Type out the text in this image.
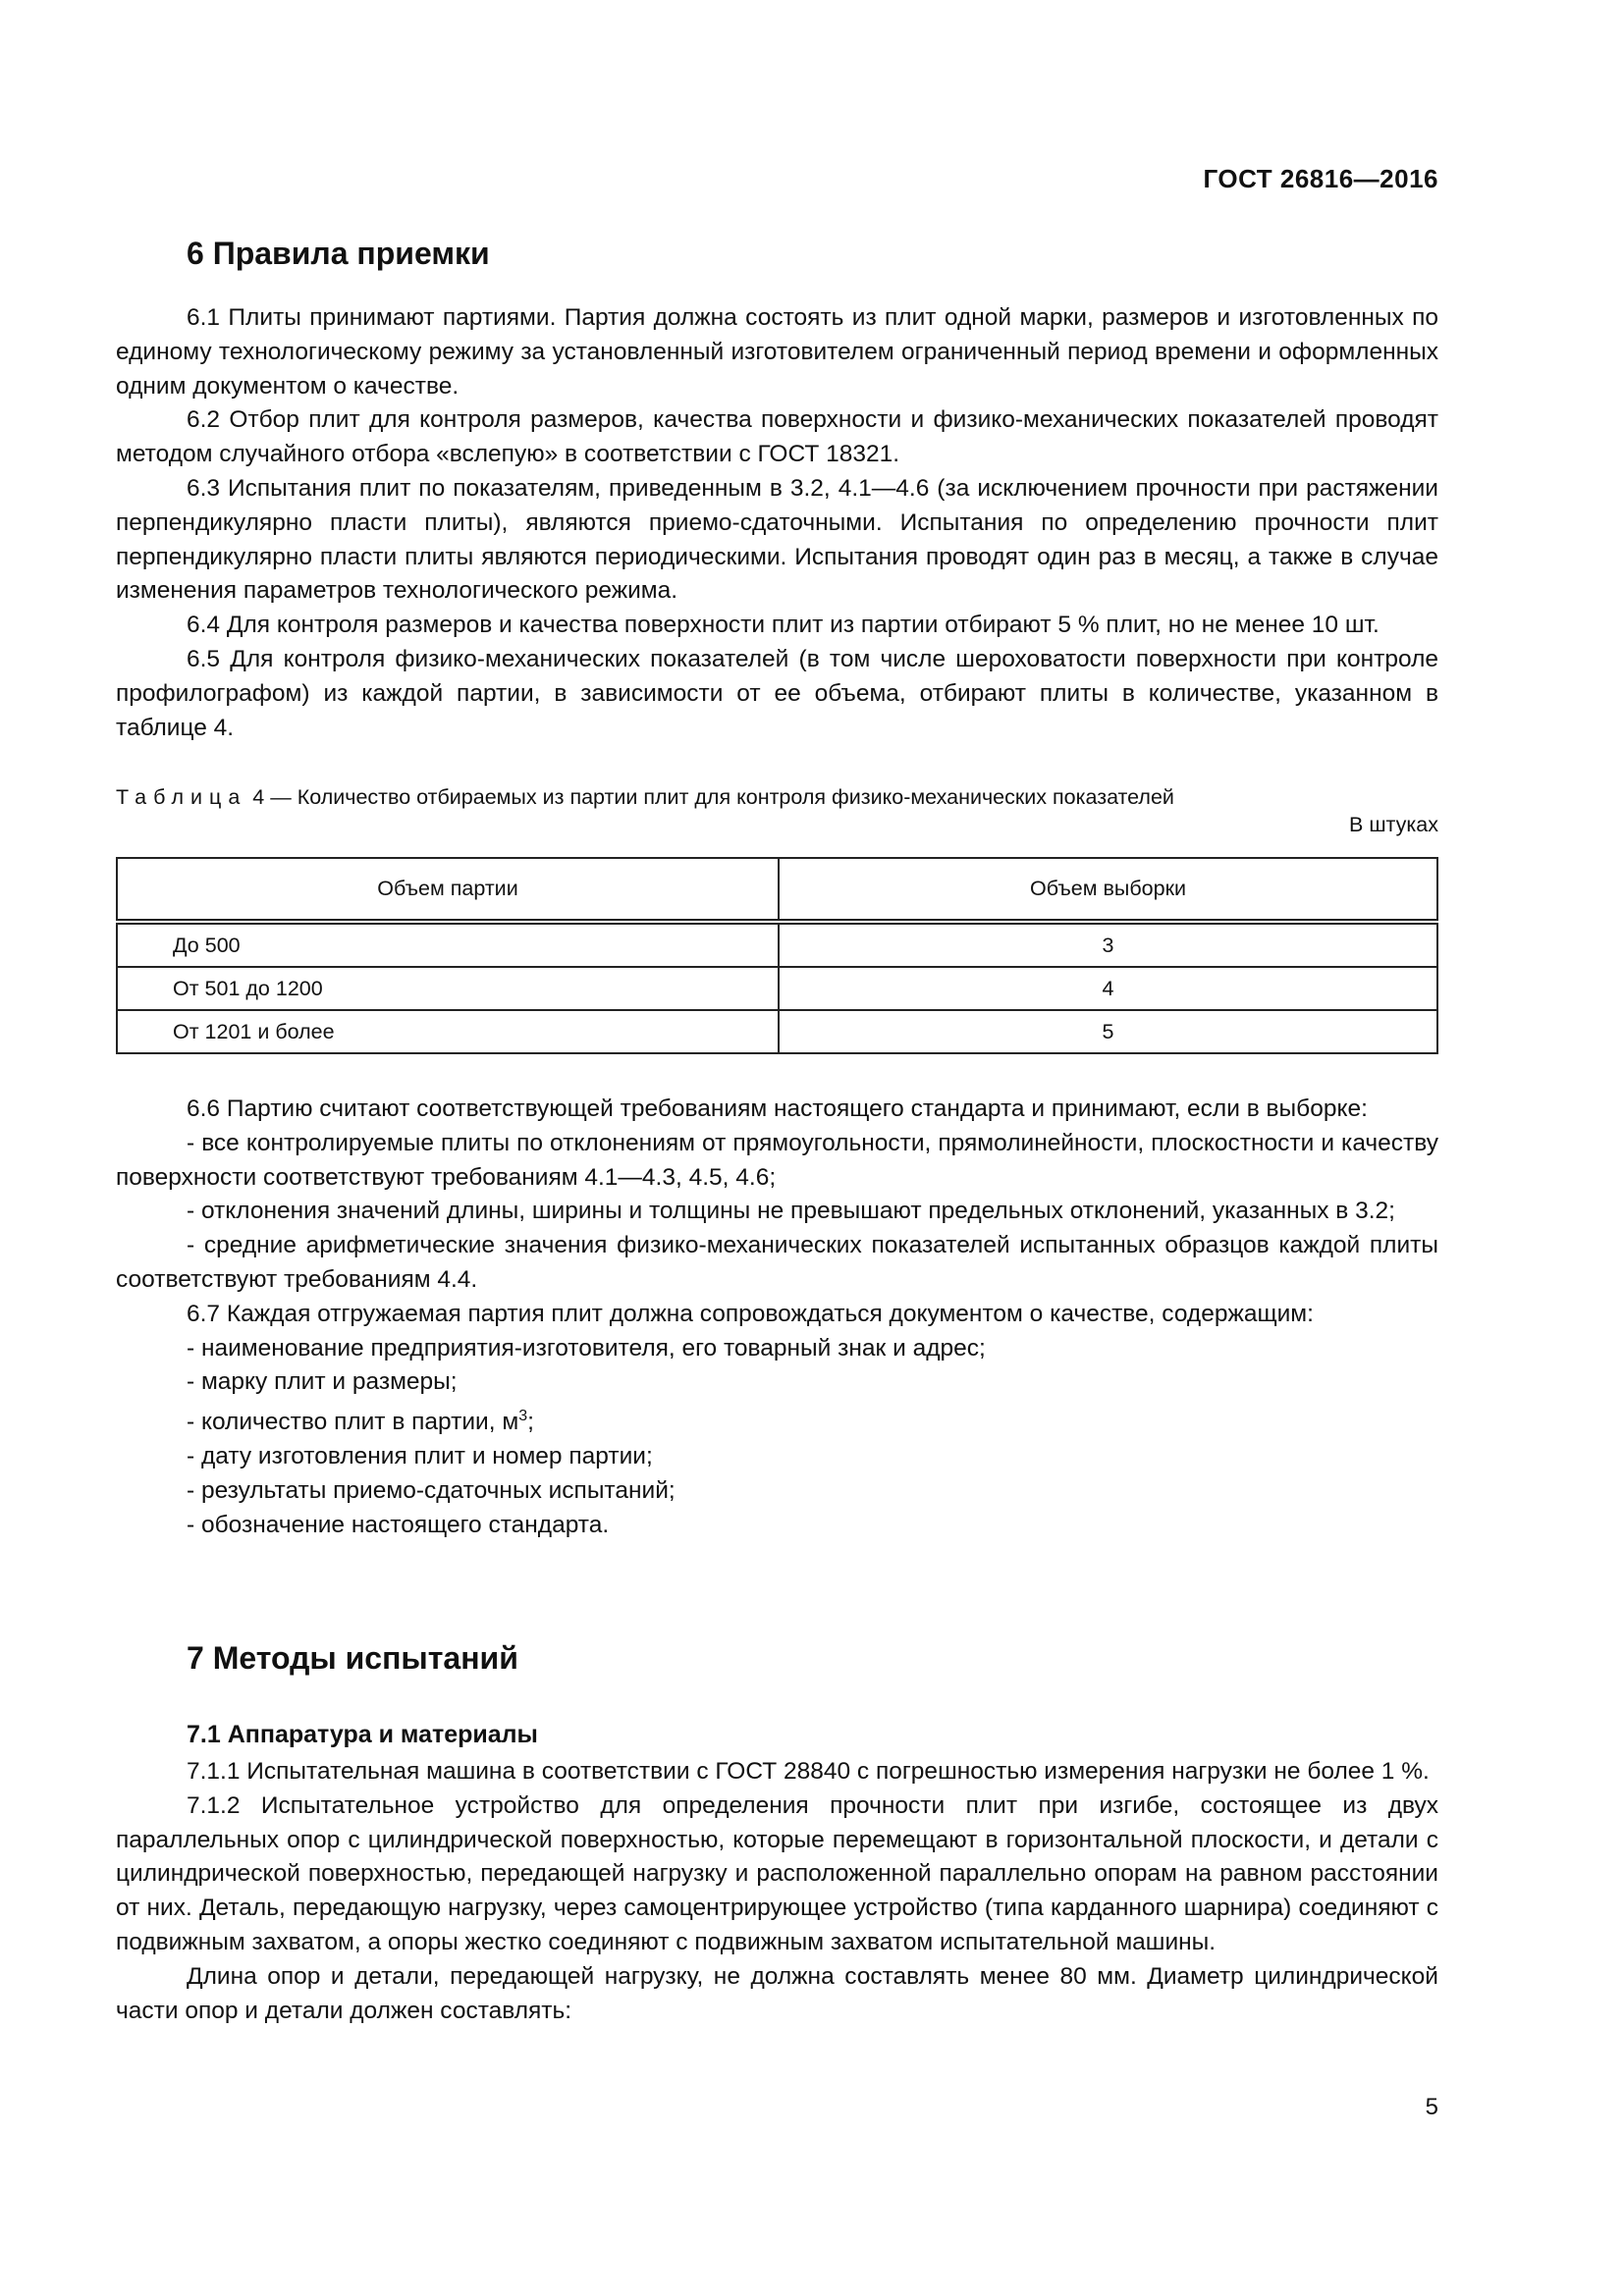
ГОСТ 26816—2016
6 Правила приемки

6.1 Плиты принимают партиями. Партия должна состоять из плит одной марки, размеров и изготовленных по единому технологическому режиму за установленный изготовителем ограниченный период времени и оформленных одним документом о качестве.

6.2 Отбор плит для контроля размеров, качества поверхности и физико-механических показателей проводят методом случайного отбора «вслепую» в соответствии с ГОСТ 18321.

6.3 Испытания плит по показателям, приведенным в 3.2, 4.1—4.6 (за исключением прочности при растяжении перпендикулярно пласти плиты), являются приемо-сдаточными. Испытания по определению прочности плит перпендикулярно пласти плиты являются периодическими. Испытания проводят один раз в месяц, а также в случае изменения параметров технологического режима.

6.4 Для контроля размеров и качества поверхности плит из партии отбирают 5 % плит, но не менее 10 шт.

6.5 Для контроля физико-механических показателей (в том числе шероховатости поверхности при контроле профилографом) из каждой партии, в зависимости от ее объема, отбирают плиты в количестве, указанном в таблице 4.

Таблица 4 — Количество отбираемых из партии плит для контроля физико-механических показателей
В штуках
Объем партии	Объем выборки
До 500	3
От 501 до 1200	4
От 1201 и более	5

6.6 Партию считают соответствующей требованиям настоящего стандарта и принимают, если в выборке:

- все контролируемые плиты по отклонениям от прямоугольности, прямолинейности, плоскостности и качеству поверхности соответствуют требованиям 4.1—4.3, 4.5, 4.6;

- отклонения значений длины, ширины и толщины не превышают предельных отклонений, указанных в 3.2;

- средние арифметические значения физико-механических показателей испытанных образцов каждой плиты соответствуют требованиям 4.4.

6.7 Каждая отгружаемая партия плит должна сопровождаться документом о качестве, содержащим:

- наименование предприятия-изготовителя, его товарный знак и адрес;

- марку плит и размеры;

- количество плит в партии, $м^3$;

- дату изготовления плит и номер партии;

- результаты приемо-сдаточных испытаний;

- обозначение настоящего стандарта.

7 Методы испытаний
7.1 Аппаратура и материалы

7.1.1 Испытательная машина в соответствии с ГОСТ 28840 с погрешностью измерения нагрузки не более 1 %.

7.1.2 Испытательное устройство для определения прочности плит при изгибе, состоящее из двух параллельных опор с цилиндрической поверхностью, которые перемещают в горизонтальной плоскости, и детали с цилиндрической поверхностью, передающей нагрузку и расположенной параллельно опорам на равном расстоянии от них. Деталь, передающую нагрузку, через самоцентрирующее устройство (типа карданного шарнира) соединяют с подвижным захватом, а опоры жестко соединяют с подвижным захватом испытательной машины.

Длина опор и детали, передающей нагрузку, не должна составлять менее 80 мм. Диаметр цилиндрической части опор и детали должен составлять:

5
